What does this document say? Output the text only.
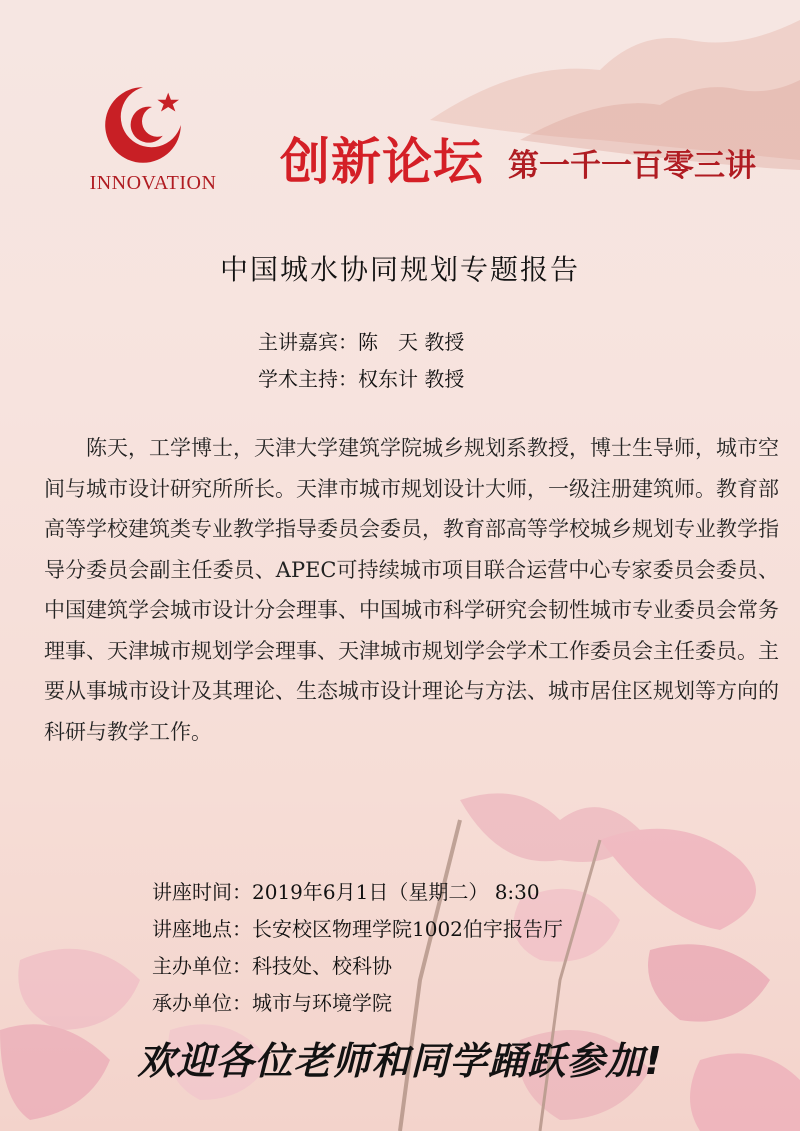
INNOVATION 创新论坛 第一千一百零三讲
中国城水协同规划专题报告
主讲嘉宾：陈　天 教授
学术主持：权东计 教授
陈天，工学博士，天津大学建筑学院城乡规划系教授，博士生导师，城市空间与城市设计研究所所长。天津市城市规划设计大师，一级注册建筑师。教育部高等学校建筑类专业教学指导委员会委员，教育部高等学校城乡规划专业教学指导分委员会副主任委员、APEC可持续城市项目联合运营中心专家委员会委员、中国建筑学会城市设计分会理事、中国城市科学研究会韧性城市专业委员会常务理事、天津城市规划学会理事、天津城市规划学会学术工作委员会主任委员。主要从事城市设计及其理论、生态城市设计理论与方法、城市居住区规划等方向的科研与教学工作。
讲座时间：2019年6月1日（星期二） 8:30
讲座地点：长安校区物理学院1002伯宇报告厅
主办单位：科技处、校科协
承办单位：城市与环境学院
欢迎各位老师和同学踊跃参加!
